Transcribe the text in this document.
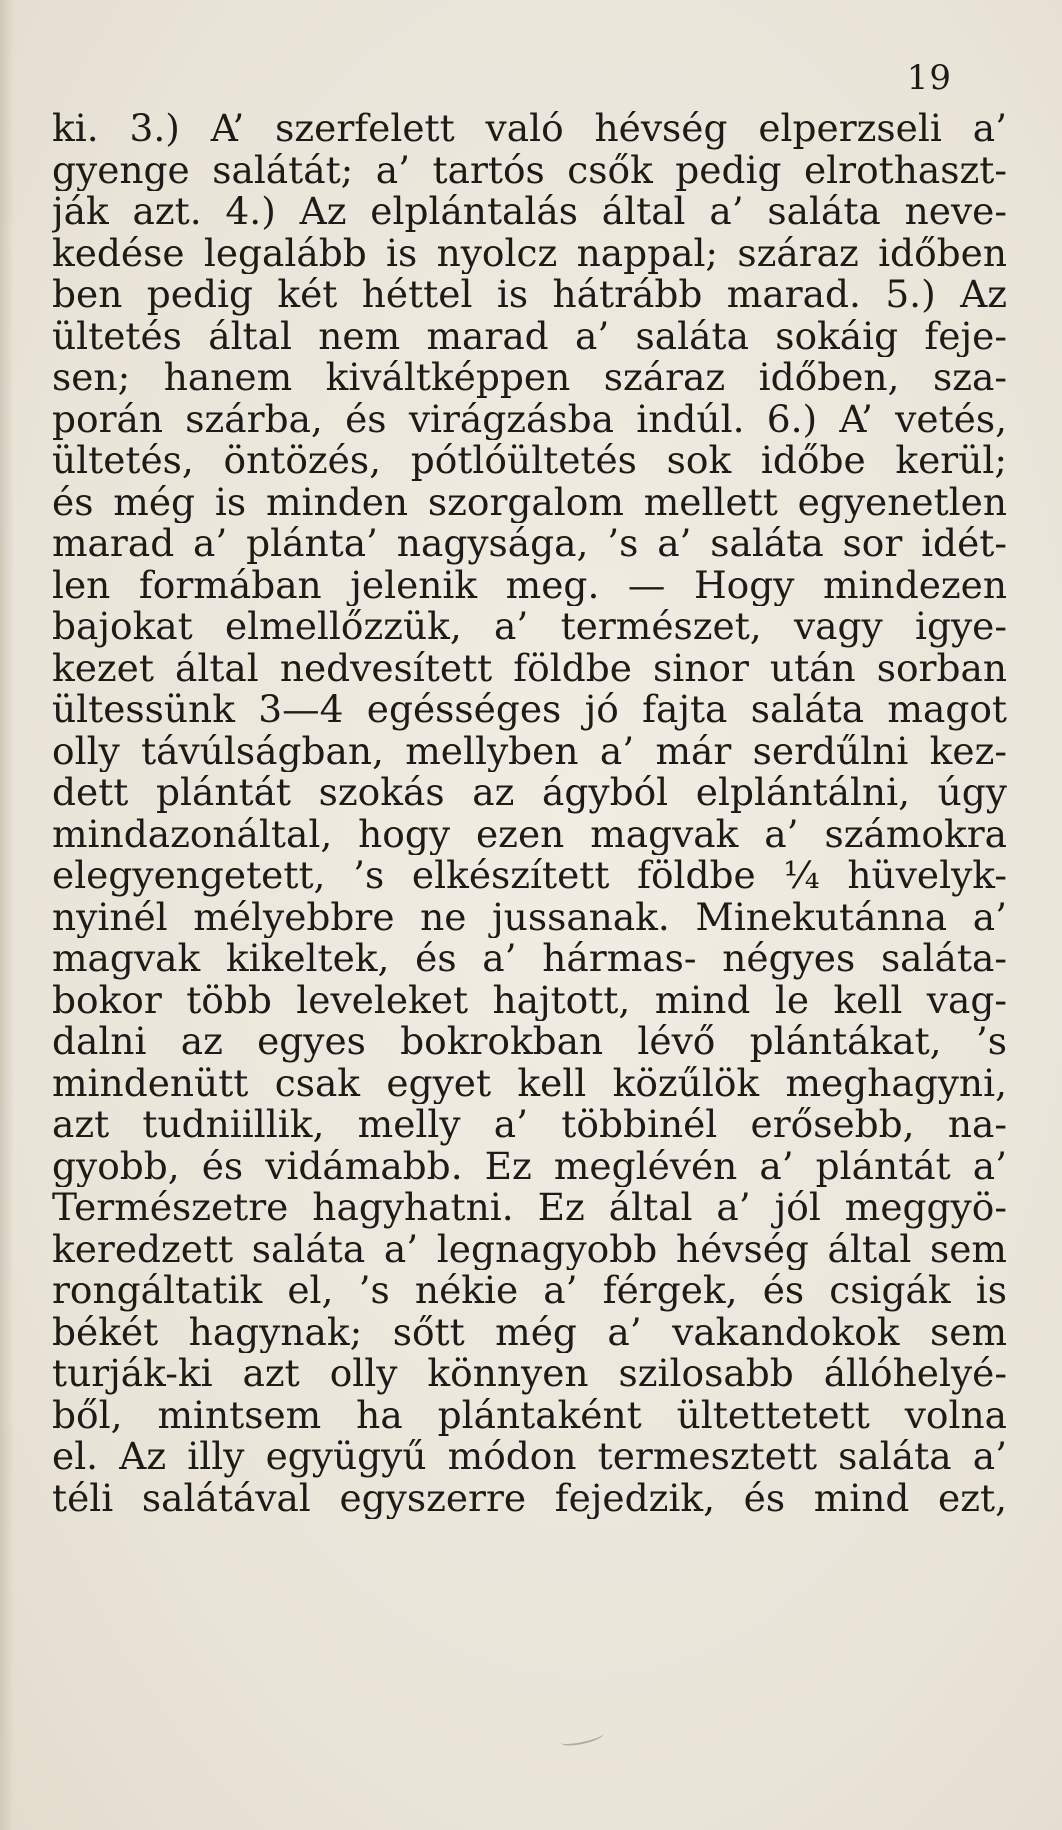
19
ki. 3.) A’ szerfelett való hévség elperzseli a’
gyenge salátát; a’ tartós csők pedig elrothaszt-
ják azt. 4.) Az elplántalás által a’ saláta neve-
kedése legalább is nyolcz nappal; száraz időben
ben pedig két héttel is hátrább marad. 5.) Az
ültetés által nem marad a’ saláta sokáig feje-
sen; hanem kiváltképpen száraz időben, sza-
porán szárba, és virágzásba indúl. 6.) A’ vetés,
ültetés, öntözés, pótlóültetés sok időbe kerül;
és még is minden szorgalom mellett egyenetlen
marad a’ plánta’ nagysága, ’s a’ saláta sor idét-
len formában jelenik meg. — Hogy mindezen
bajokat elmellőzzük, a’ természet, vagy igye-
kezet által nedvesített földbe sinor után sorban
ültessünk 3—4 egésséges jó fajta saláta magot
olly távúlságban, mellyben a’ már serdűlni kez-
dett plántát szokás az ágyból elplántálni, úgy
mindazonáltal, hogy ezen magvak a’ számokra
elegyengetett, ’s elkészített földbe ¼ hüvelyk-
nyinél mélyebbre ne jussanak. Minekutánna a’
magvak kikeltek, és a’ hármas- négyes saláta-
bokor több leveleket hajtott, mind le kell vag-
dalni az egyes bokrokban lévő plántákat, ’s
mindenütt csak egyet kell közűlök meghagyni,
azt tudniillik, melly a’ többinél erősebb, na-
gyobb, és vidámabb. Ez meglévén a’ plántát a’
Természetre hagyhatni. Ez által a’ jól meggyö-
keredzett saláta a’ legnagyobb hévség által sem
rongáltatik el, ’s nékie a’ férgek, és csigák is
békét hagynak; sőtt még a’ vakandokok sem
turják-ki azt olly könnyen szilosabb állóhelyé-
ből, mintsem ha plántaként ültettetett volna
el. Az illy együgyű módon termesztett saláta a’
téli salátával egyszerre fejedzik, és mind ezt,
